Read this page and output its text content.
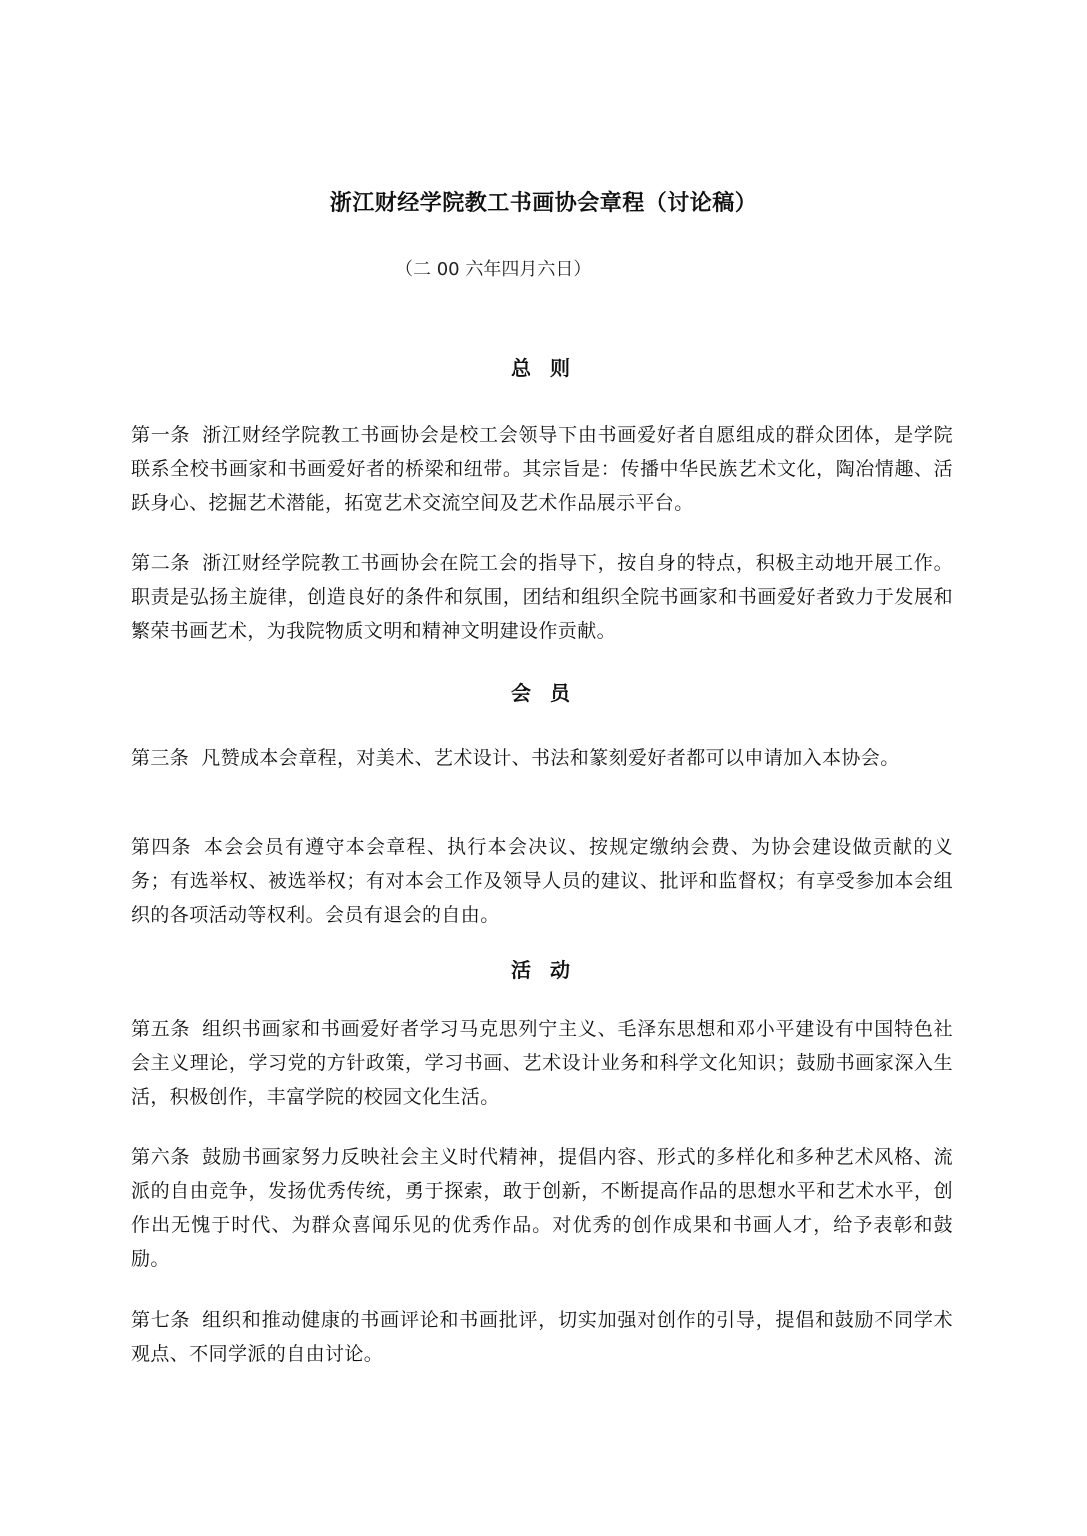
浙江财经学院教工书画协会章程（讨论稿）
（二 00 六年四月六日）
总 则

第一条 浙江财经学院教工书画协会是校工会领导下由书画爱好者自愿组成的群众团体，是学院联系全校书画家和书画爱好者的桥梁和纽带。其宗旨是：传播中华民族艺术文化，陶冶情趣、活跃身心、挖掘艺术潜能，拓宽艺术交流空间及艺术作品展示平台。

第二条 浙江财经学院教工书画协会在院工会的指导下，按自身的特点，积极主动地开展工作。职责是弘扬主旋律，创造良好的条件和氛围，团结和组织全院书画家和书画爱好者致力于发展和繁荣书画艺术，为我院物质文明和精神文明建设作贡献。

会 员

第三条 凡赞成本会章程，对美术、艺术设计、书法和篆刻爱好者都可以申请加入本协会。

第四条 本会会员有遵守本会章程、执行本会决议、按规定缴纳会费、为协会建设做贡献的义务；有选举权、被选举权；有对本会工作及领导人员的建议、批评和监督权；有享受参加本会组织的各项活动等权利。会员有退会的自由。

活 动

第五条 组织书画家和书画爱好者学习马克思列宁主义、毛泽东思想和邓小平建设有中国特色社会主义理论，学习党的方针政策，学习书画、艺术设计业务和科学文化知识；鼓励书画家深入生活，积极创作，丰富学院的校园文化生活。

第六条 鼓励书画家努力反映社会主义时代精神，提倡内容、形式的多样化和多种艺术风格、流派的自由竞争，发扬优秀传统，勇于探索，敢于创新，不断提高作品的思想水平和艺术水平，创作出无愧于时代、为群众喜闻乐见的优秀作品。对优秀的创作成果和书画人才，给予表彰和鼓励。

第七条 组织和推动健康的书画评论和书画批评，切实加强对创作的引导，提倡和鼓励不同学术观点、不同学派的自由讨论。
